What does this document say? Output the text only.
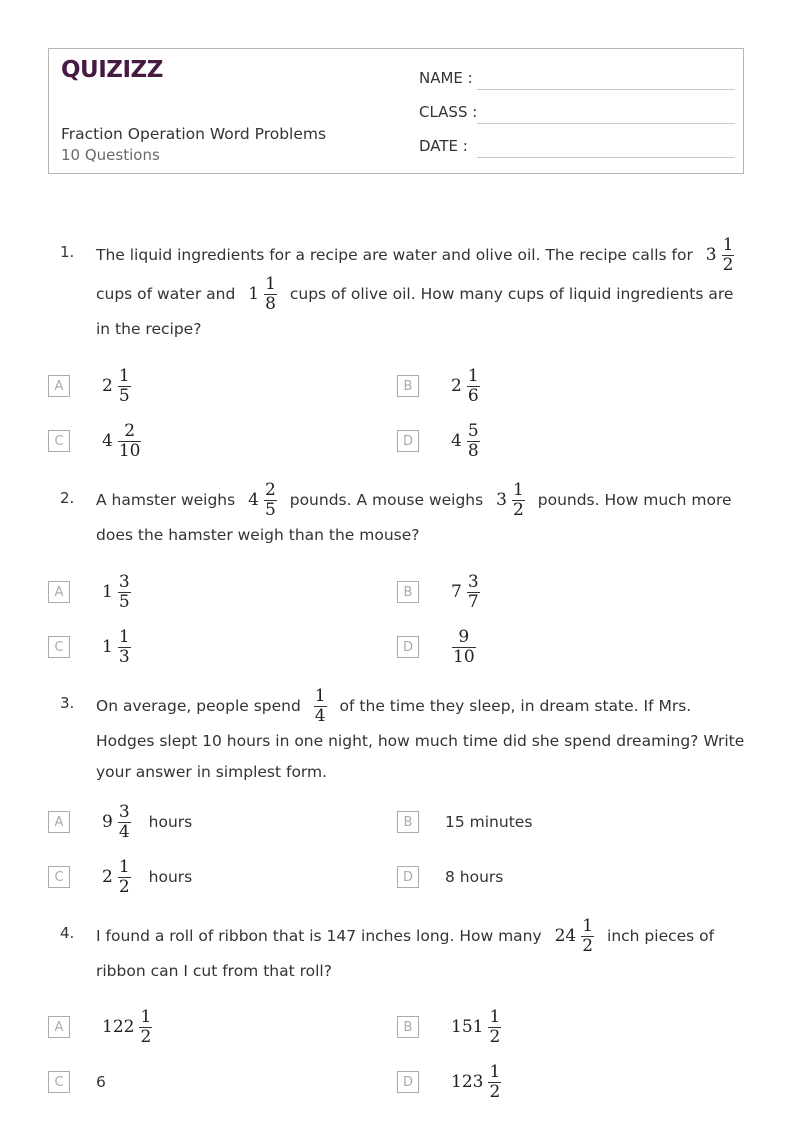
QUIZIZZ
Fraction Operation Word Problems
10 Questions
NAME :
CLASS :
DATE :
1. The liquid ingredients for a recipe are water and olive oil. The recipe calls for $3 \frac{1}{2}$
cups of water and $1 \frac{1}{8}$ cups of olive oil. How many cups of liquid ingredients are in the recipe?
A	$2 \frac{1}{5}$	B	$2 \frac{1}{6}$
C	$4 \frac{2}{10}$	D	$4 \frac{5}{8}$
2. A hamster weighs $4 \frac{2}{5}$ pounds. A mouse weighs $3 \frac{1}{2}$ pounds. How much more does the hamster weigh than the mouse?
A	$1 \frac{3}{5}$	B	$7 \frac{3}{7}$
C	$1 \frac{1}{3}$	D	$\frac{9}{10}$
3. On average, people spend $\frac{1}{4}$ of the time they sleep, in dream state. If Mrs. Hodges slept 10 hours in one night, how much time did she spend dreaming? Write your answer in simplest form.
A	$9 \frac{3}{4}$ hours	B	15 minutes
C	$2 \frac{1}{2}$ hours	D	8 hours
4. I found a roll of ribbon that is 147 inches long. How many $24 \frac{1}{2}$ inch pieces of ribbon can I cut from that roll?
A	$122 \frac{1}{2}$	B	$151 \frac{1}{2}$
C	6	D	$123 \frac{1}{2}$
